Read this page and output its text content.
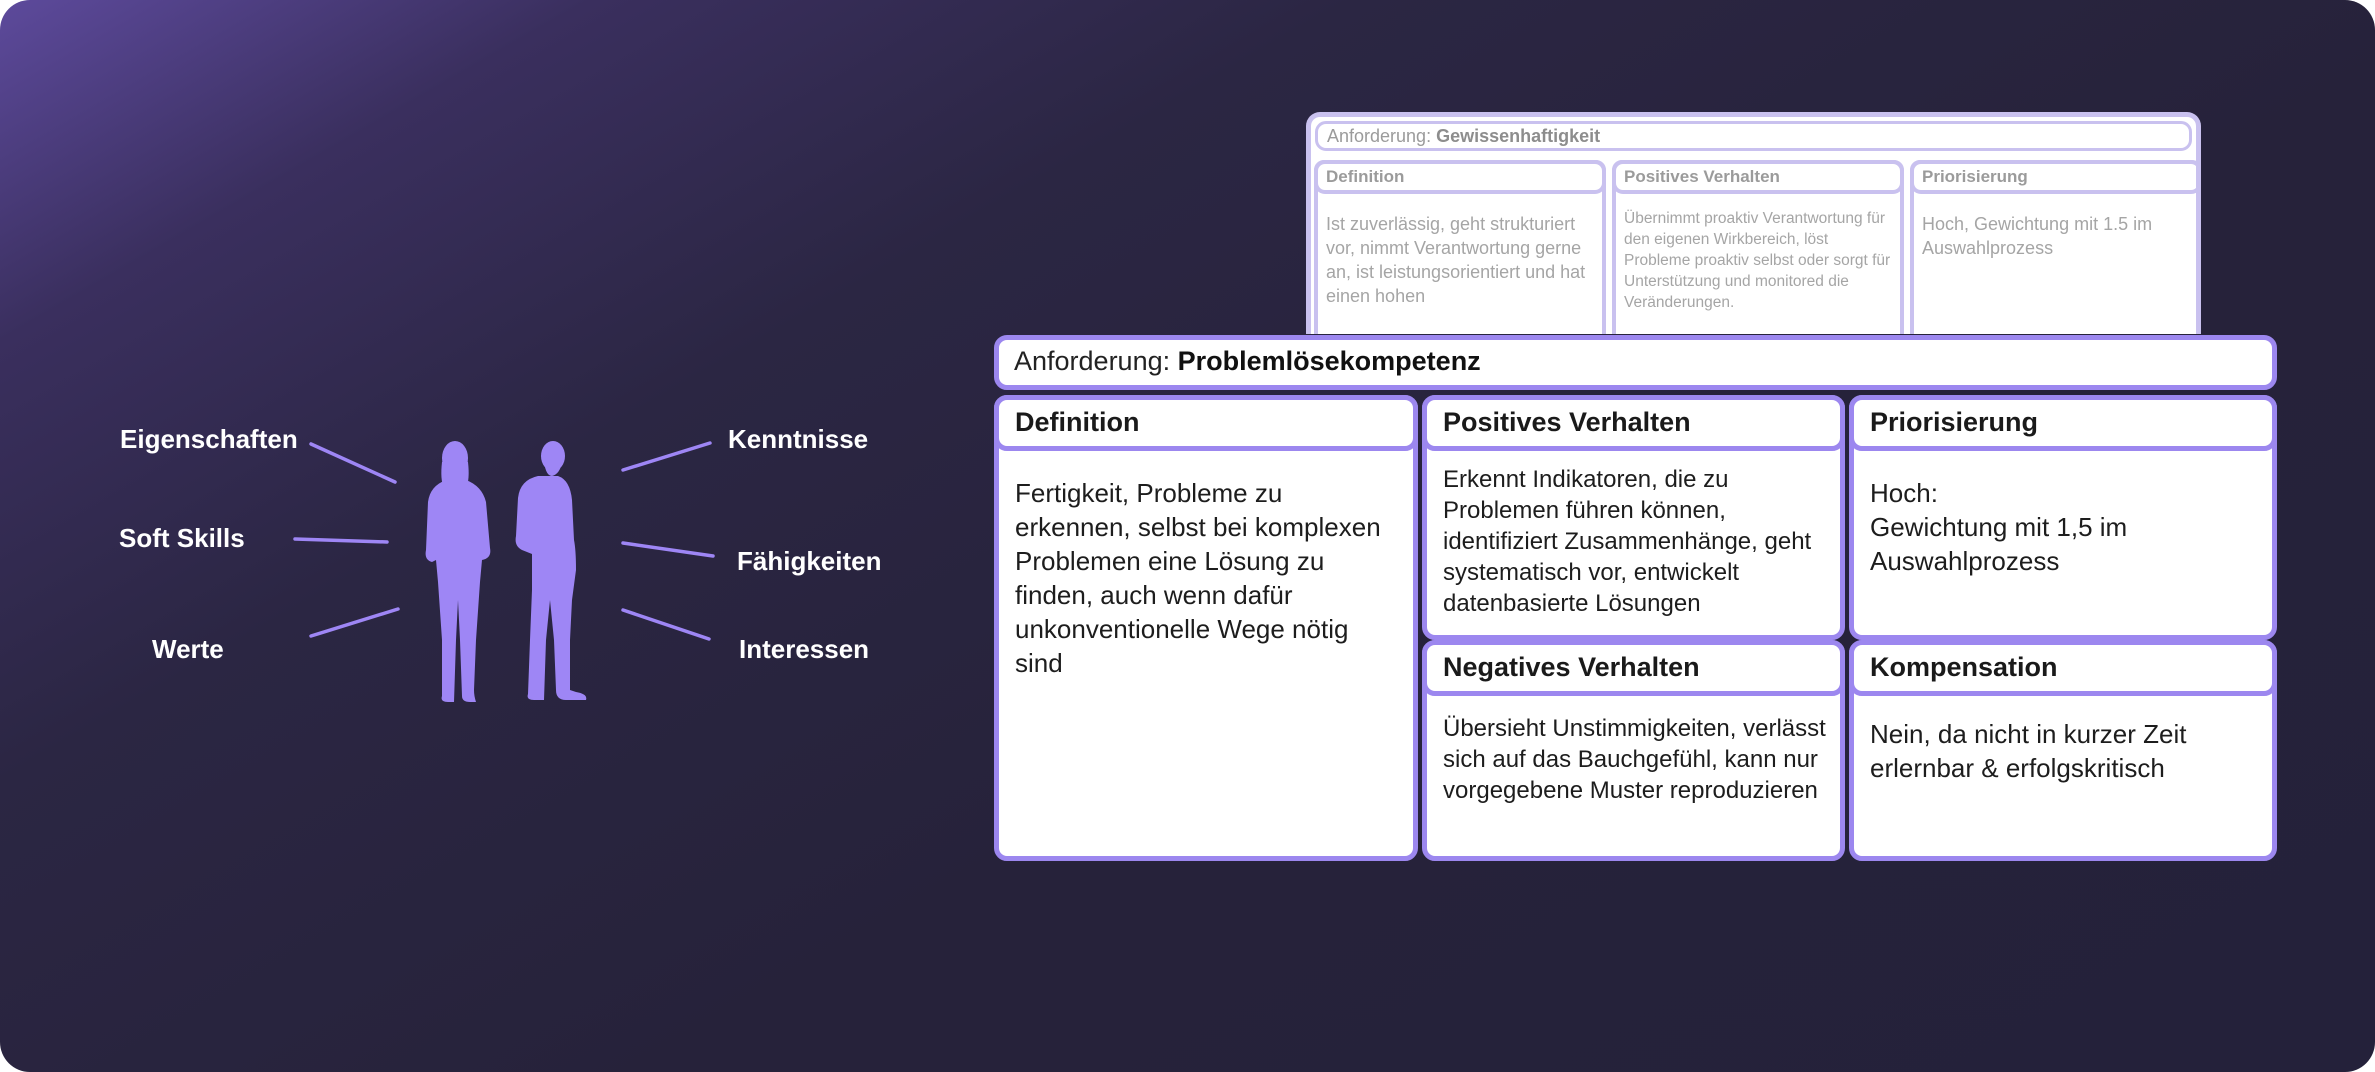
Eigenschaften
Soft Skills
Werte
Kenntnisse
Fähigkeiten
Interessen
Anforderung: Gewissenhaftigkeit
Definition
Ist zuverlässig, geht strukturiert vor, nimmt Verantwortung gerne an, ist leistungsorientiert und hat einen hohen
Positives Verhalten
Übernimmt proaktiv Verantwortung für den eigenen Wirkbereich, löst Probleme proaktiv selbst oder sorgt für Unterstützung und monitored die Veränderungen.
Priorisierung
Hoch, Gewichtung mit 1.5 im Auswahlprozess
Anforderung: Problemlösekompetenz
Definition
Fertigkeit, Probleme zu erkennen, selbst bei komplexen Problemen eine Lösung zu finden, auch wenn dafür unkonventionelle Wege nötig sind
Positives Verhalten
Erkennt Indikatoren, die zu Problemen führen können, identifiziert Zusammenhänge, geht systematisch vor, entwickelt datenbasierte Lösungen
Negatives Verhalten
Übersieht Unstimmigkeiten, verlässt sich auf das Bauchgefühl, kann nur vorgegebene Muster reproduzieren
Priorisierung
Hoch:
Gewichtung mit 1,5 im Auswahlprozess
Kompensation
Nein, da nicht in kurzer Zeit erlernbar & erfolgskritisch
